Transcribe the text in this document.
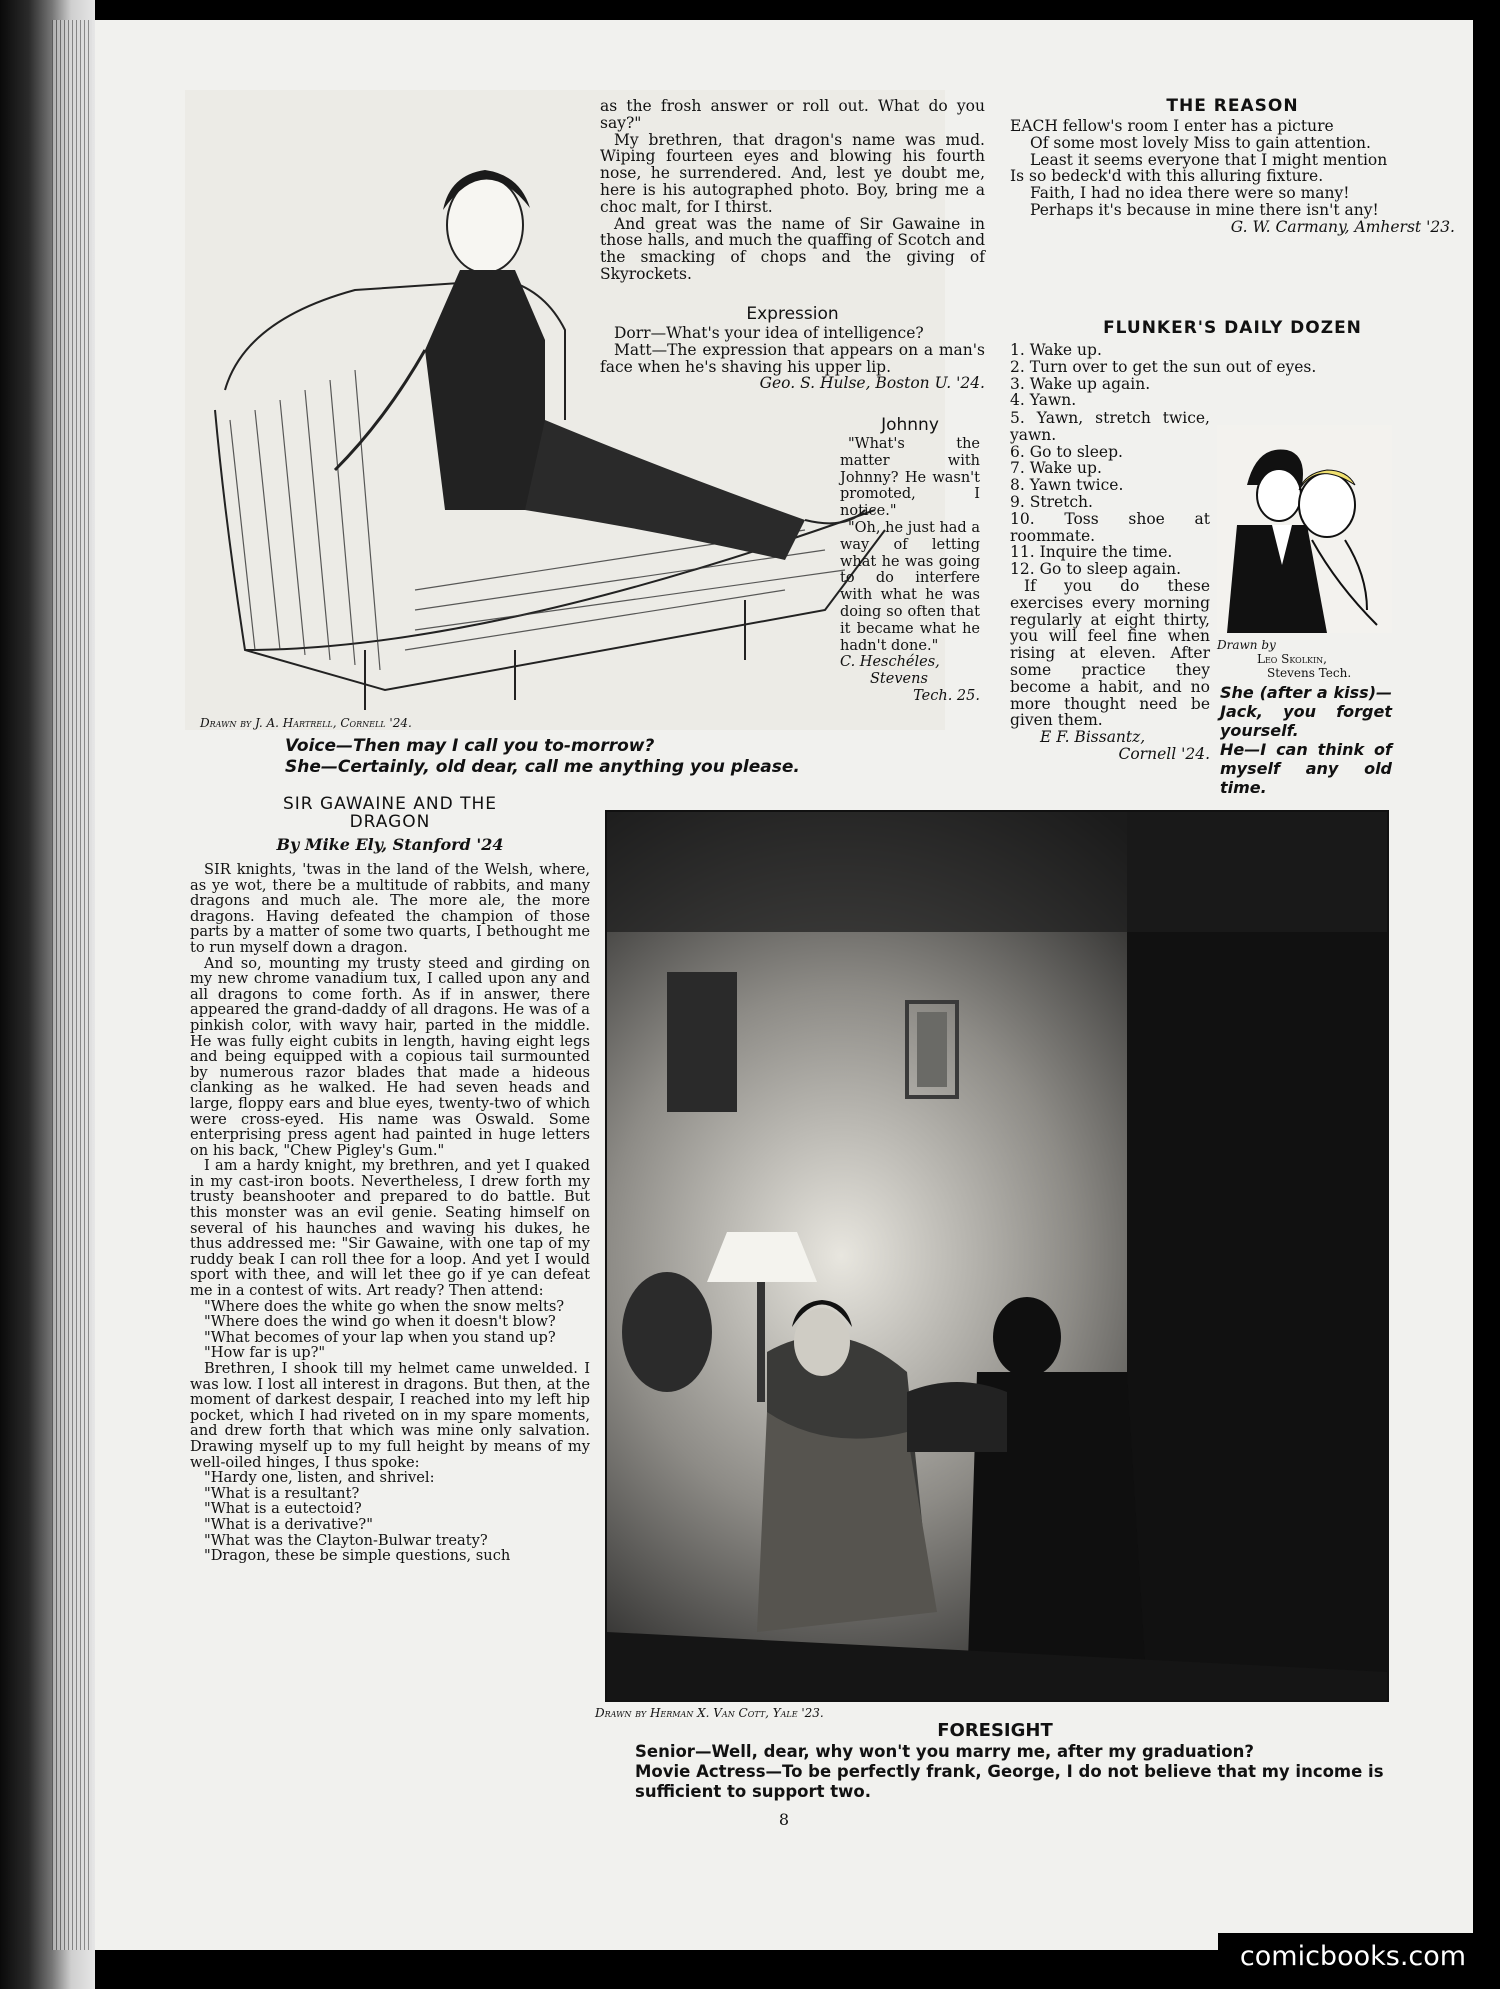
Drawn by J. A. Hartrell, Cornell '24.
Voice—Then may I call you to-morrow?
She—Certainly, old dear, call me anything you please.

as the frosh answer or roll out. What do you say?"

My brethren, that dragon's name was mud. Wiping fourteen eyes and blowing his fourth nose, he surrendered. And, lest ye doubt me, here is his autographed photo. Boy, bring me a choc malt, for I thirst.

And great was the name of Sir Gawaine in those halls, and much the quaffing of Scotch and the smacking of chops and the giving of Skyrockets.

Expression

Dorr—What's your idea of intelligence?

Matt—The expression that appears on a man's face when he's shaving his upper lip.

Geo. S. Hulse, Boston U. '24.
Johnny

"What's the matter with Johnny? He wasn't promoted, I notice."

"Oh, he just had a way of letting what he was going to do interfere with what he was doing so often that it became what he hadn't done."

C. Heschéles,
Stevens
Tech. 25.
THE REASON
EACH fellow's room I enter has a picture
Of some most lovely Miss to gain attention.
Least it seems everyone that I might mention
Is so bedeck'd with this alluring fixture.
Faith, I had no idea there were so many!
Perhaps it's because in mine there isn't any!
G. W. Carmany, Amherst '23.
FLUNKER'S DAILY DOZEN
1. Wake up.
2. Turn over to get the sun out of eyes.
3. Wake up again.
4. Yawn.
5. Yawn, stretch twice, yawn.
6. Go to sleep.
7. Wake up.
8. Yawn twice.
9. Stretch.
10. Toss shoe at roommate.
11. Inquire the time.
12. Go to sleep again.

If you do these exercises every morning regularly at eight thirty, you will feel fine when rising at eleven. After some practice they become a habit, and no more thought need be given them.

E F. Bissantz,
Cornell '24.
Drawn by
Leo Skolkin,
Stevens Tech.
She (after a kiss)—Jack, you forget yourself.
He—I can think of myself any old time.
SIR GAWAINE AND THE
DRAGON
By Mike Ely, Stanford '24

SIR knights, 'twas in the land of the Welsh, where, as ye wot, there be a multitude of rabbits, and many dragons and much ale. The more ale, the more dragons. Having defeated the champion of those parts by a matter of some two quarts, I bethought me to run myself down a dragon.

And so, mounting my trusty steed and girding on my new chrome vanadium tux, I called upon any and all dragons to come forth. As if in answer, there appeared the grand-daddy of all dragons. He was of a pinkish color, with wavy hair, parted in the middle. He was fully eight cubits in length, having eight legs and being equipped with a copious tail surmounted by numerous razor blades that made a hideous clanking as he walked. He had seven heads and large, floppy ears and blue eyes, twenty-two of which were cross-eyed. His name was Oswald. Some enterprising press agent had painted in huge letters on his back, "Chew Pigley's Gum."

I am a hardy knight, my brethren, and yet I quaked in my cast-iron boots. Nevertheless, I drew forth my trusty beanshooter and prepared to do battle. But this monster was an evil genie. Seating himself on several of his haunches and waving his dukes, he thus addressed me: "Sir Gawaine, with one tap of my ruddy beak I can roll thee for a loop. And yet I would sport with thee, and will let thee go if ye can defeat me in a contest of wits. Art ready? Then attend:

"Where does the white go when the snow melts?

"Where does the wind go when it doesn't blow?

"What becomes of your lap when you stand up?

"How far is up?"

Brethren, I shook till my helmet came unwelded. I was low. I lost all interest in dragons. But then, at the moment of darkest despair, I reached into my left hip pocket, which I had riveted on in my spare moments, and drew forth that which was mine only salvation. Drawing myself up to my full height by means of my well-oiled hinges, I thus spoke:

"Hardy one, listen, and shrivel:

"What is a resultant?

"What is a eutectoid?

"What is a derivative?"

"What was the Clayton-Bulwar treaty?

"Dragon, these be simple questions, such

Drawn by Herman X. Van Cott, Yale '23.
FORESIGHT
Senior—Well, dear, why won't you marry me, after my graduation?
Movie Actress—To be perfectly frank, George, I do not believe that my income is sufficient to support two.
8
comicbooks.com
